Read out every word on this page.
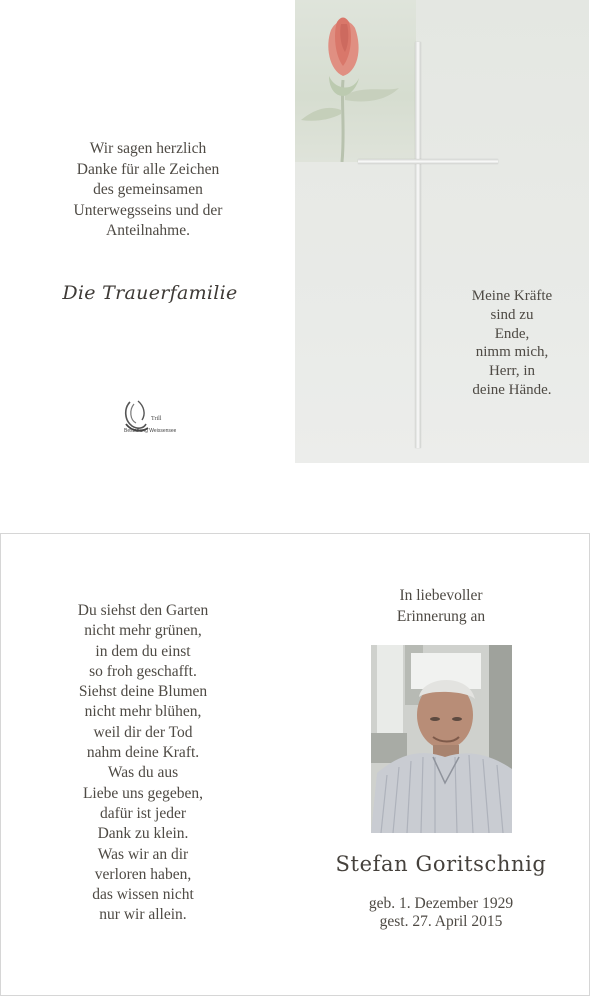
Wir sagen herzlich
Danke für alle Zeichen
des gemeinsamen
Unterwegsseins und der
Anteilnahme.
Die Trauerfamilie
Trill
Bestattung Weissensee
Meine Kräfte
sind zu
Ende,
nimm mich,
Herr, in
deine Hände.
Du siehst den Garten
nicht mehr grünen,
in dem du einst
so froh geschafft.
Siehst deine Blumen
nicht mehr blühen,
weil dir der Tod
nahm deine Kraft.
Was du aus
Liebe uns gegeben,
dafür ist jeder
Dank zu klein.
Was wir an dir
verloren haben,
das wissen nicht
nur wir allein.
In liebevoller
Erinnerung an
Stefan Goritschnig
geb. 1. Dezember 1929
gest. 27. April 2015
